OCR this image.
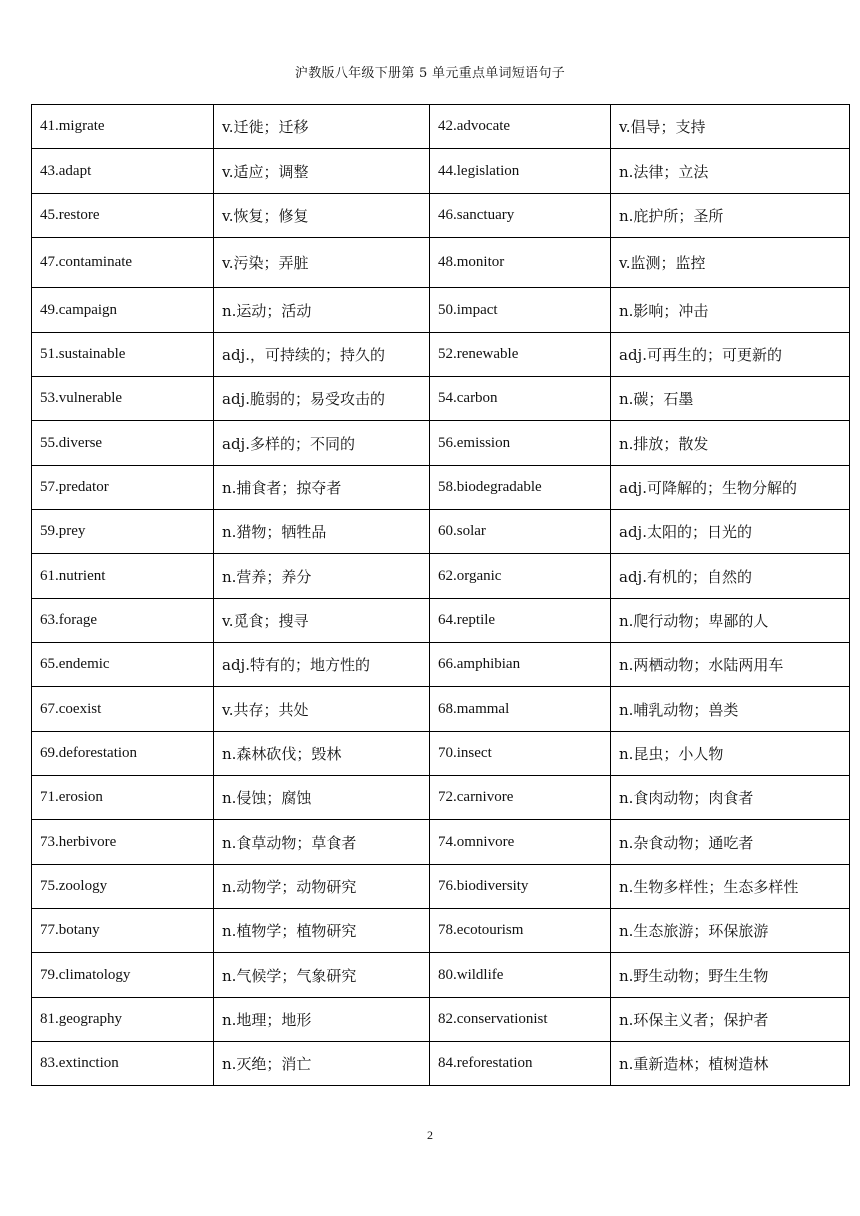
沪教版八年级下册第 5 单元重点单词短语句子
41.migrate	v.迁徙；迁移	42.advocate	v.倡导；支持
43.adapt	v.适应；调整	44.legislation	n.法律；立法
45.restore	v.恢复；修复	46.sanctuary	n.庇护所；圣所
47.contaminate	v.污染；弄脏	48.monitor	v.监测；监控
49.campaign	n.运动；活动	50.impact	n.影响；冲击
51.sustainable	adj.，可持续的；持久的	52.renewable	adj.可再生的；可更新的
53.vulnerable	adj.脆弱的；易受攻击的	54.carbon	n.碳；石墨
55.diverse	adj.多样的；不同的	56.emission	n.排放；散发
57.predator	n.捕食者；掠夺者	58.biodegradable	adj.可降解的；生物分解的
59.prey	n.猎物；牺牲品	60.solar	adj.太阳的；日光的
61.nutrient	n.营养；养分	62.organic	adj.有机的；自然的
63.forage	v.觅食；搜寻	64.reptile	n.爬行动物；卑鄙的人
65.endemic	adj.特有的；地方性的	66.amphibian	n.两栖动物；水陆两用车
67.coexist	v.共存；共处	68.mammal	n.哺乳动物；兽类
69.deforestation	n.森林砍伐；毁林	70.insect	n.昆虫；小人物
71.erosion	n.侵蚀；腐蚀	72.carnivore	n.食肉动物；肉食者
73.herbivore	n.食草动物；草食者	74.omnivore	n.杂食动物；通吃者
75.zoology	n.动物学；动物研究	76.biodiversity	n.生物多样性；生态多样性
77.botany	n.植物学；植物研究	78.ecotourism	n.生态旅游；环保旅游
79.climatology	n.气候学；气象研究	80.wildlife	n.野生动物；野生生物
81.geography	n.地理；地形	82.conservationist	n.环保主义者；保护者
83.extinction	n.灭绝；消亡	84.reforestation	n.重新造林；植树造林
2
